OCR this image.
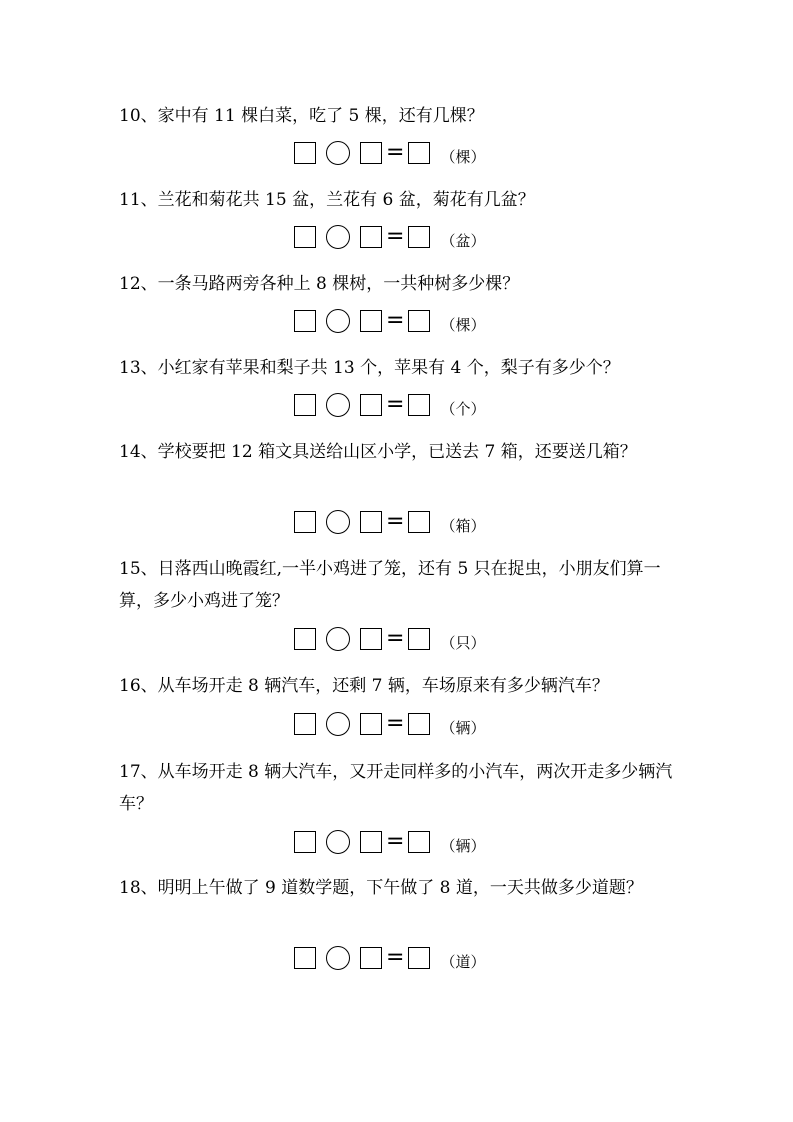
10、家中有 11 棵白菜，吃了 5 棵，还有几棵？

= （棵）

11、兰花和菊花共 15 盆，兰花有 6 盆，菊花有几盆？

= （盆）

12、一条马路两旁各种上 8 棵树，一共种树多少棵？

= （棵）

13、小红家有苹果和梨子共 13 个，苹果有 4 个，梨子有多少个？

= （个）

14、学校要把 12 箱文具送给山区小学，已送去 7 箱，还要送几箱？

= （箱）

15、日落西山晚霞红,一半小鸡进了笼，还有 5 只在捉虫，小朋友们算一算，多少小鸡进了笼？

= （只）

16、从车场开走 8 辆汽车，还剩 7 辆，车场原来有多少辆汽车？

= （辆）

17、从车场开走 8 辆大汽车，又开走同样多的小汽车，两次开走多少辆汽车？

= （辆）

18、明明上午做了 9 道数学题，下午做了 8 道，一天共做多少道题？

= （道）
